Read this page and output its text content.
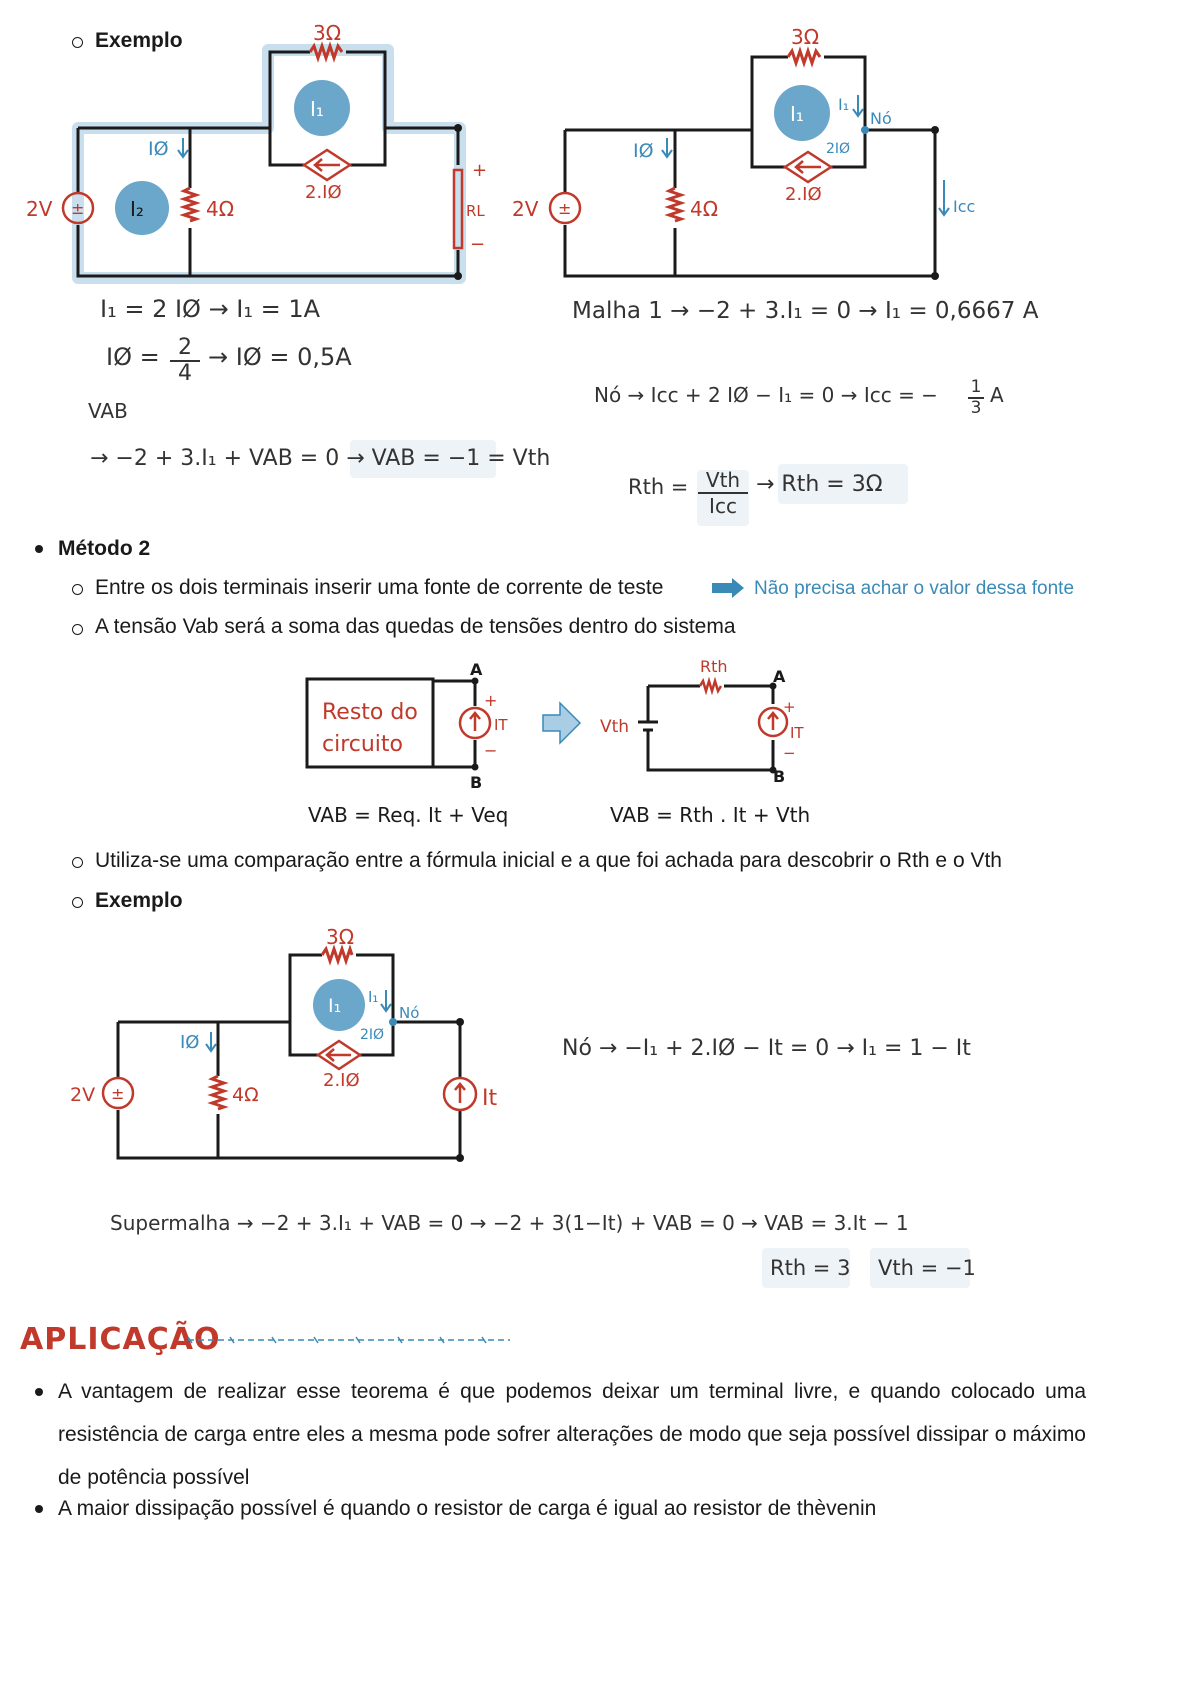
Exemplo	3Ω
I₁
I₂
IØ
2V ±	4Ω
2.IØ
RL
+
−
3Ω
I₁ I₁
Nó
2IØ
IØ
2V ±	4Ω
2.IØ
Icc
I₁ = 2 IØ → I₁ = 1A
IØ = $\frac{2}{4}$ → IØ = 0,5A
VAB
→ −2 + 3.I₁ + VAB = 0 → VAB = −1 = Vth
Malha 1 → −2 + 3.I₁ = 0 → I₁ = 0,6667 A
Nó → Icc + 2 IØ − I₁ = 0 → Icc = − $\frac{1}{3}$ A
Rth = Vth
Icc
→ Rth = 3Ω
Método 2
Entre os dois terminais inserir uma fonte de corrente de teste	Não precisa achar o valor dessa fonte
A tensão Vab será a soma das quedas de tensões dentro do sistema
Resto do
circuito
A
B
+
−
IT
Rth
Vth
A
B
+
−
IT
VAB = Req. It + Veq	VAB = Rth . It + Vth
Utiliza-se uma comparação entre a fórmula inicial e a que foi achada para descobrir o Rth e o Vth
Exemplo
3Ω
I₁ I₁
Nó
2IØ
IØ
2V ±	4Ω
2.IØ
It
Nó → −I₁ + 2.IØ − It = 0 → I₁ = 1 − It
Supermalha → −2 + 3.I₁ + VAB = 0 → −2 + 3(1−It) + VAB = 0 → VAB = 3.It − 1
Rth = 3 Vth = −1
APLICAÇÃO
A vantagem de realizar esse teorema é que podemos deixar um terminal livre, e quando colocado uma resistência de carga entre eles a mesma pode sofrer alterações de modo que seja possível dissipar o máximo de potência possível
A maior dissipação possível é quando o resistor de carga é igual ao resistor de thèvenin
